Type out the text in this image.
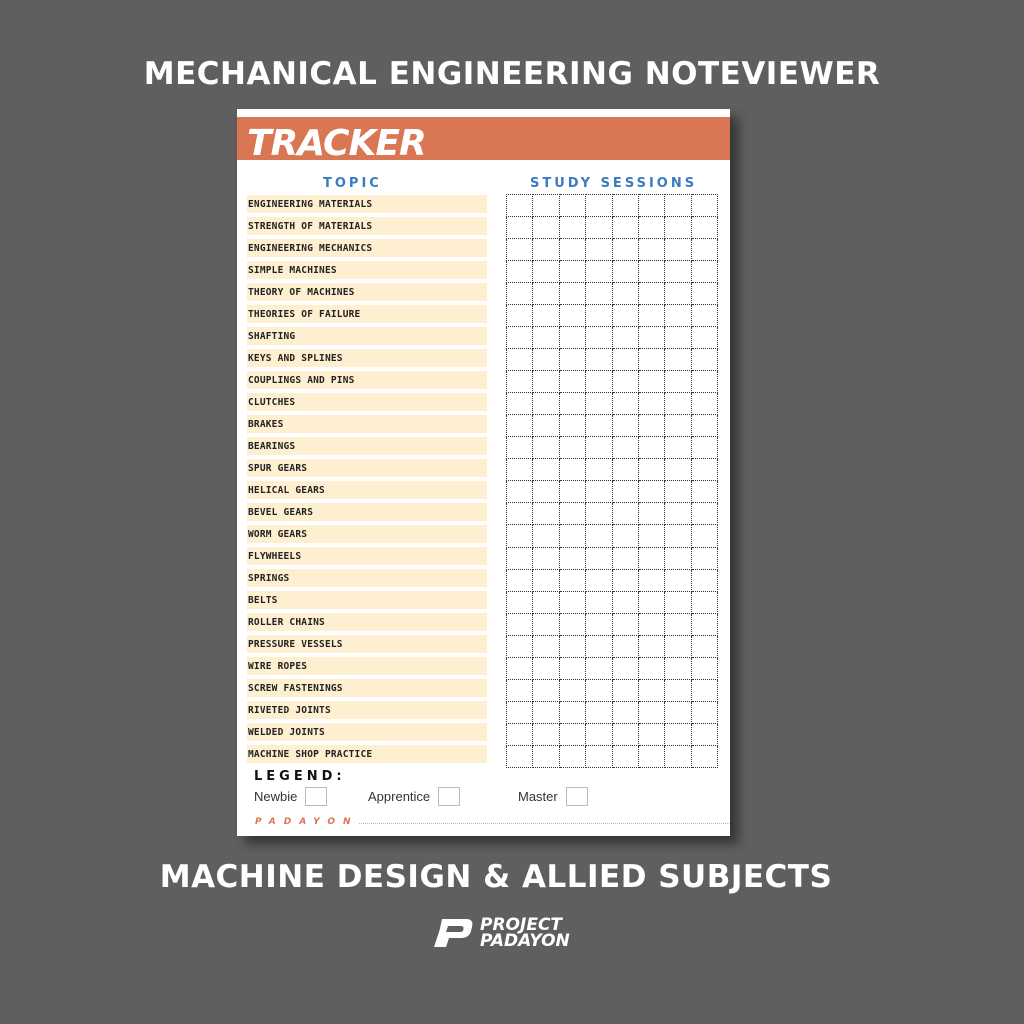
MECHANICAL ENGINEERING NOTEVIEWER
TRACKER
TOPIC	STUDY SESSIONS
ENGINEERING MATERIALS
STRENGTH OF MATERIALS
ENGINEERING MECHANICS
SIMPLE MACHINES
THEORY OF MACHINES
THEORIES OF FAILURE
SHAFTING
KEYS AND SPLINES
COUPLINGS AND PINS
CLUTCHES
BRAKES
BEARINGS
SPUR GEARS
HELICAL GEARS
BEVEL GEARS
WORM GEARS
FLYWHEELS
SPRINGS
BELTS
ROLLER CHAINS
PRESSURE VESSELS
WIRE ROPES
SCREW FASTENINGS
RIVETED JOINTS
WELDED JOINTS
MACHINE SHOP PRACTICE

LEGEND:
Newbie	Apprentice	Master
PADAYON
MACHINE DESIGN & ALLIED SUBJECTS
PROJECT
PADAYON
